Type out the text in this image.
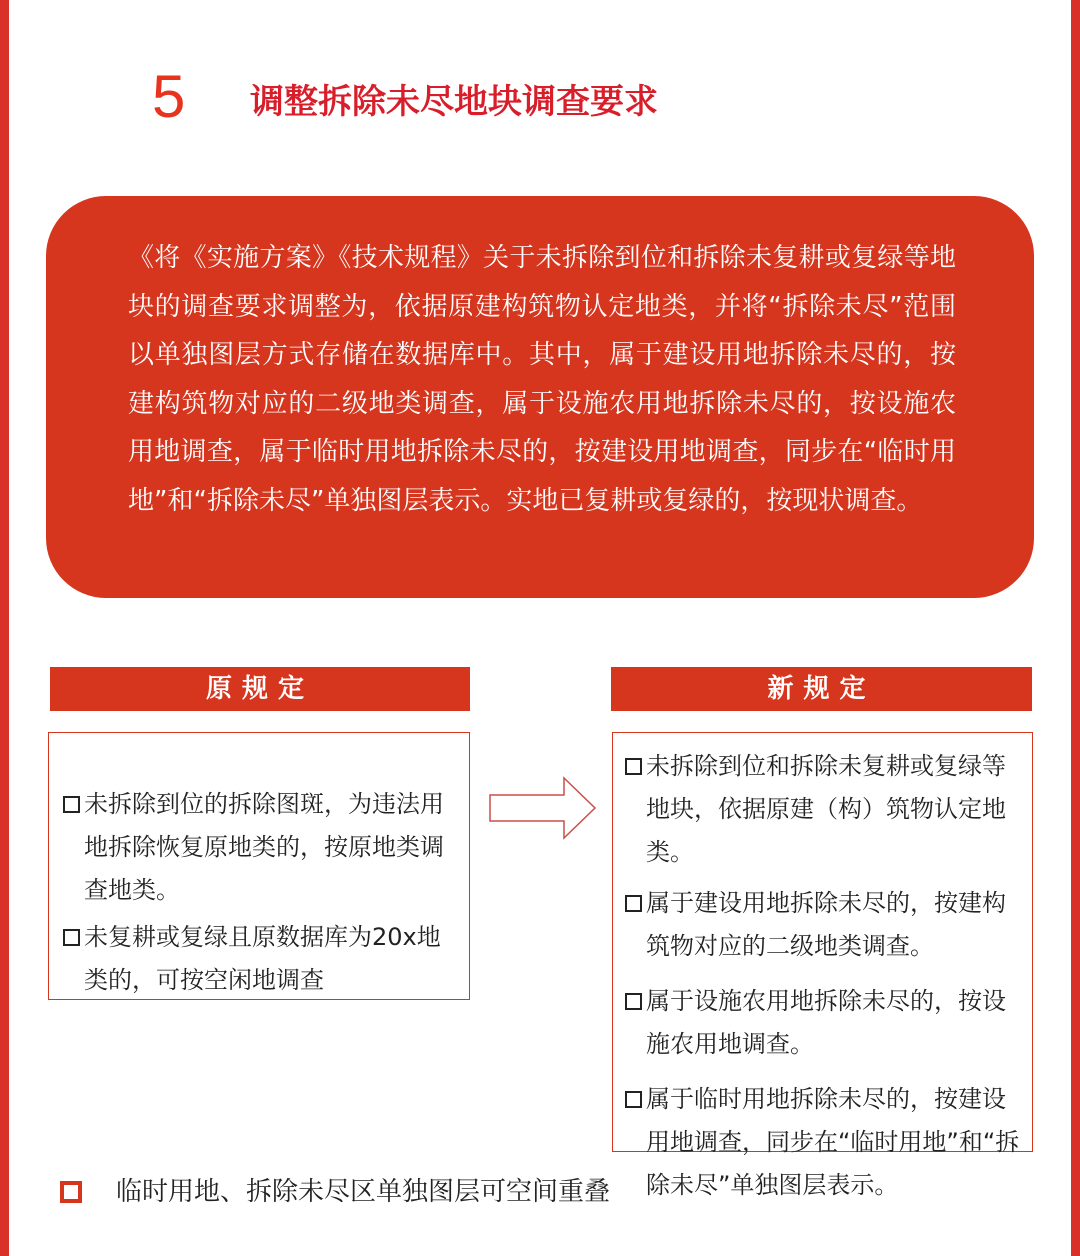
5 调整拆除未尽地块调查要求

《将《实施方案》《技术规程》关于未拆除到位和拆除未复耕或复绿等地块的调查要求调整为，依据原建构筑物认定地类，并将“拆除未尽”范围以单独图层方式存储在数据库中。其中，属于建设用地拆除未尽的，按建构筑物对应的二级地类调查，属于设施农用地拆除未尽的，按设施农用地调查，属于临时用地拆除未尽的，按建设用地调查，同步在“临时用地”和“拆除未尽”单独图层表示。实地已复耕或复绿的，按现状调查。

原规定	新规定
未拆除到位的拆除图斑，为违法用地拆除恢复原地类的，按原地类调查地类。
未复耕或复绿且原数据库为20x地类的，可按空闲地调查
未拆除到位和拆除未复耕或复绿等地块，依据原建（构）筑物认定地类。
属于建设用地拆除未尽的，按建构筑物对应的二级地类调查。
属于设施农用地拆除未尽的，按设施农用地调查。
属于临时用地拆除未尽的，按建设用地调查，同步在“临时用地”和“拆除未尽”单独图层表示。
临时用地、拆除未尽区单独图层可空间重叠
